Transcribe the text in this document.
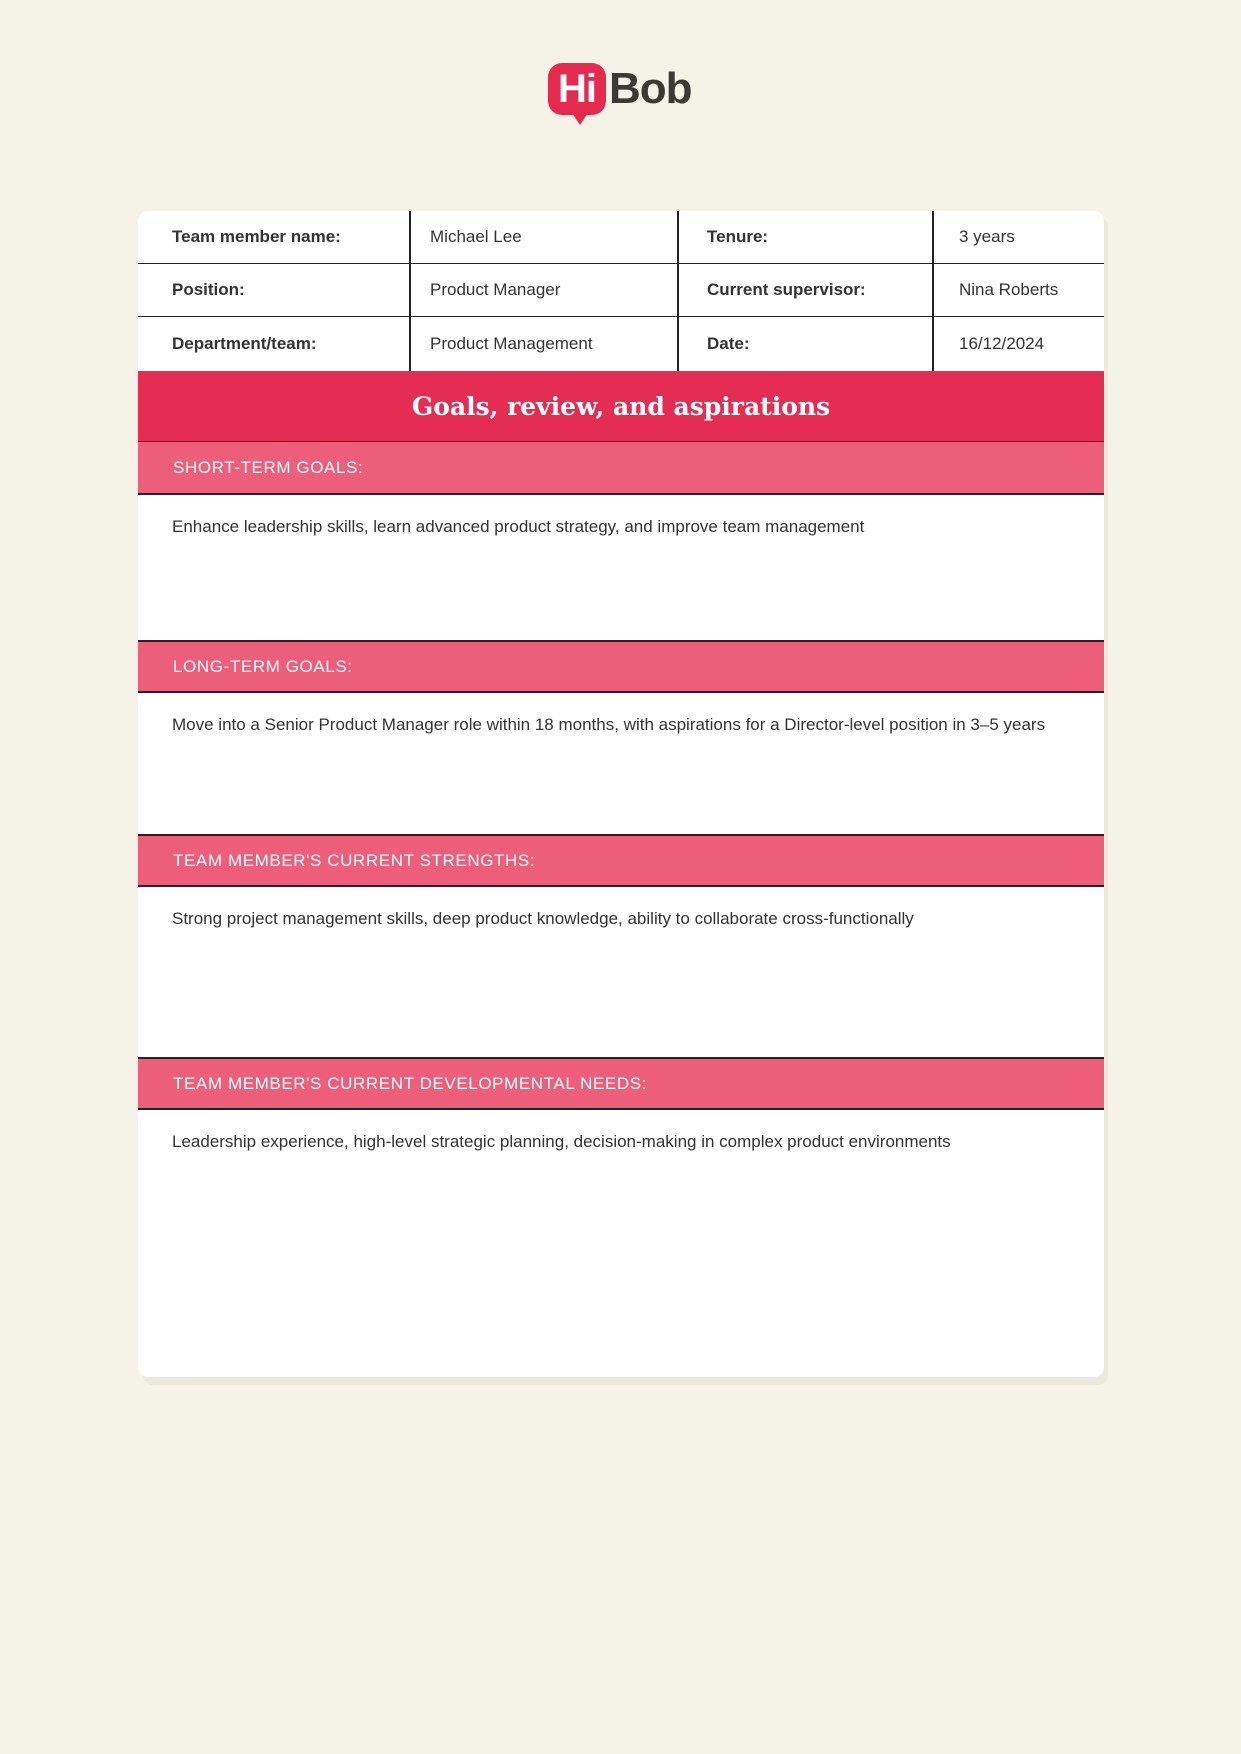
Hi Bob
Team member name:	Michael Lee	Tenure:	3 years
Position:	Product Manager	Current supervisor:	Nina Roberts
Department/team:	Product Management	Date:	16/12/2024
Goals, review, and aspirations
SHORT-TERM GOALS:
Enhance leadership skills, learn advanced product strategy, and improve team management
LONG-TERM GOALS:
Move into a Senior Product Manager role within 18 months, with aspirations for a Director-level position in 3–5 years
TEAM MEMBER'S CURRENT STRENGTHS:
Strong project management skills, deep product knowledge, ability to collaborate cross-functionally
TEAM MEMBER'S CURRENT DEVELOPMENTAL NEEDS:
Leadership experience, high-level strategic planning, decision-making in complex product environments
